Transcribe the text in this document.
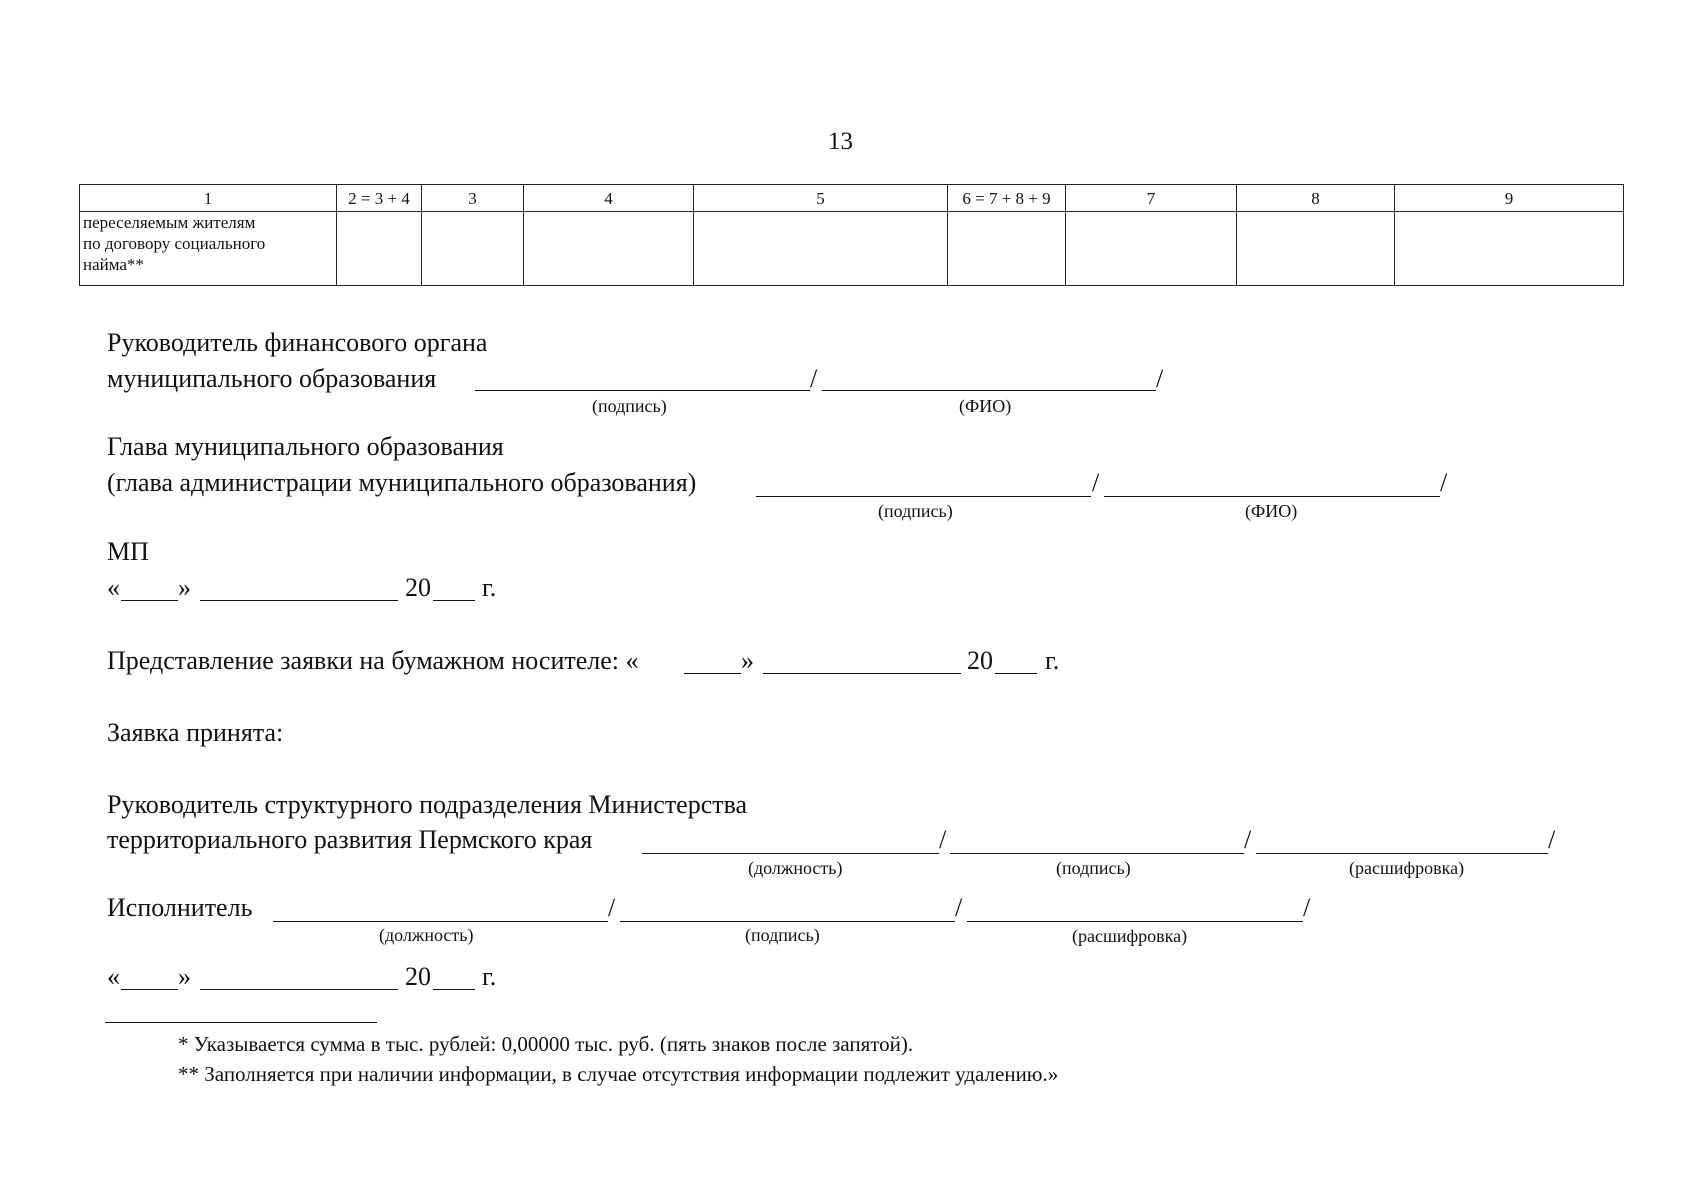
13
1	2 = 3 + 4	3	4	5	6 = 7 + 8 + 9	7	8	9
переселяемым жителям
по договору социального
найма**								
Руководитель финансового органа
муниципального образования	/	/
(подпись)	(ФИО)
Глава муниципального образования
(глава администрации муниципального образования)	/	/
(подпись)	(ФИО)
МП
« »	20 г.
Представление заявки на бумажном носителе: «	»	20 г.
Заявка принята:
Руководитель структурного подразделения Министерства
территориального развития Пермского края	/	/	/
(должность)	(подпись)	(расшифровка)
Исполнитель	/	/	/
(должность)	(подпись)	(расшифровка)
« »	20 г.
* Указывается сумма в тыс. рублей: 0,00000 тыс. руб. (пять знаков после запятой).
** Заполняется при наличии информации, в случае отсутствия информации подлежит удалению.»
